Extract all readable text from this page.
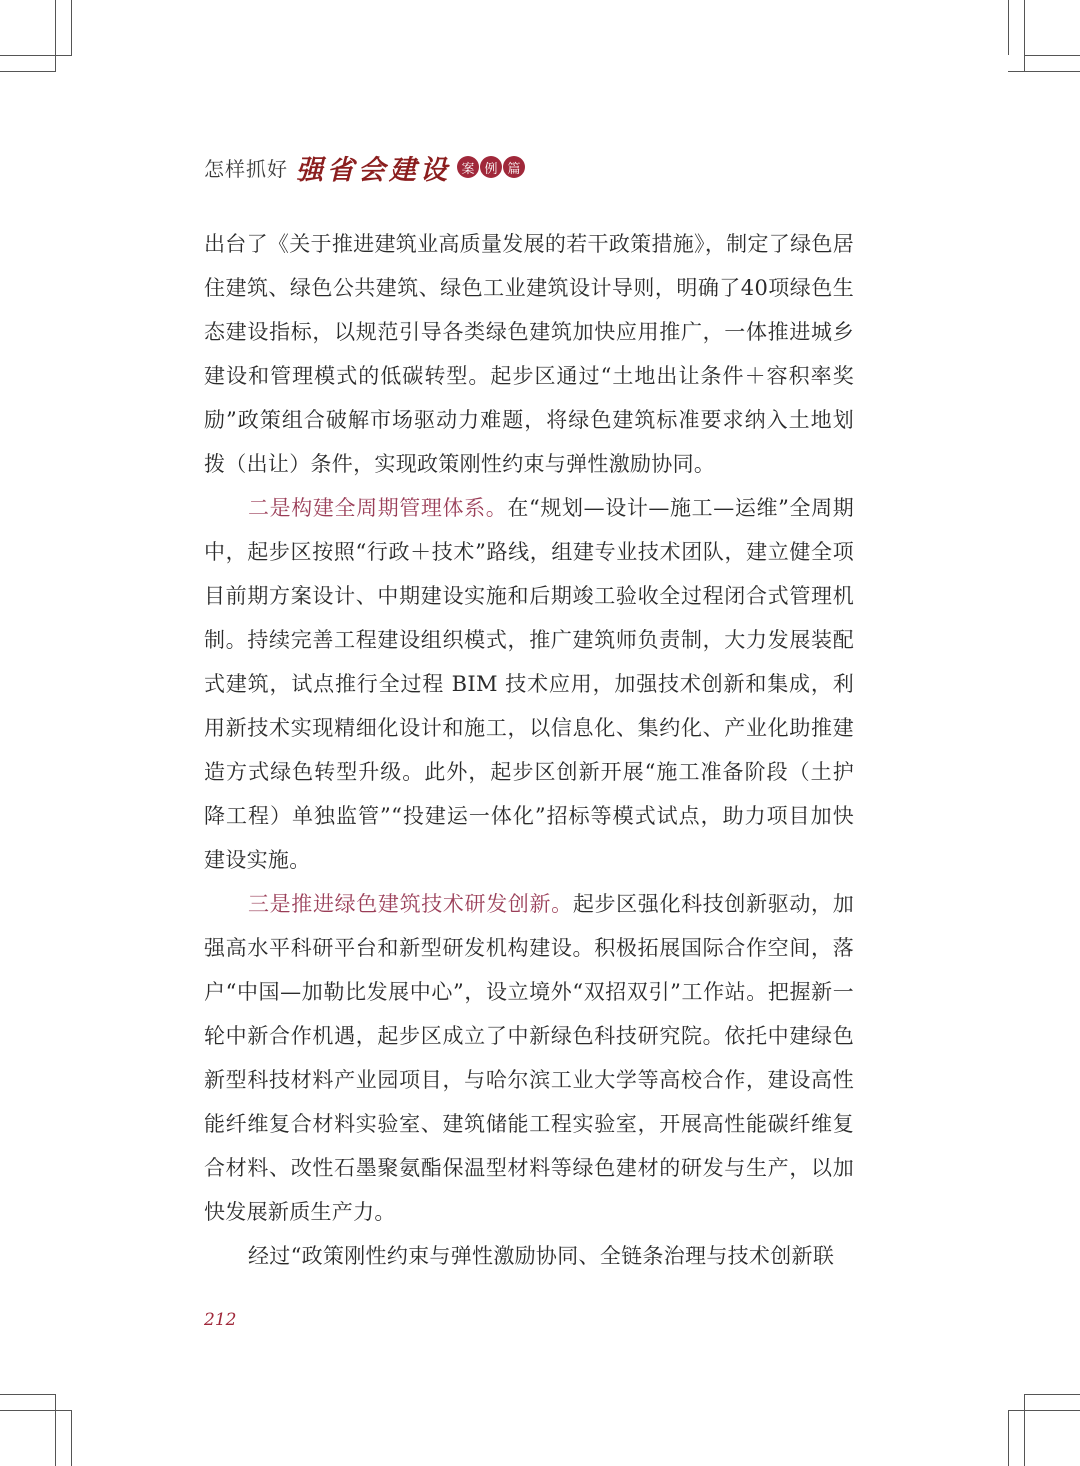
怎样抓好 强省会建设 案 例 篇

出台了《关于推进建筑业高质量发展的若干政策措施》，制定了绿色居住建筑、绿色公共建筑、绿色工业建筑设计导则，明确了40项绿色生态建设指标，以规范引导各类绿色建筑加快应用推广，一体推进城乡建设和管理模式的低碳转型。起步区通过“土地出让条件＋容积率奖励”政策组合破解市场驱动力难题，将绿色建筑标准要求纳入土地划拨（出让）条件，实现政策刚性约束与弹性激励协同。

二是构建全周期管理体系。在“规划—设计—施工—运维”全周期中，起步区按照“行政＋技术”路线，组建专业技术团队，建立健全项目前期方案设计、中期建设实施和后期竣工验收全过程闭合式管理机制。持续完善工程建设组织模式，推广建筑师负责制，大力发展装配式建筑，试点推行全过程 BIM 技术应用，加强技术创新和集成，利用新技术实现精细化设计和施工，以信息化、集约化、产业化助推建造方式绿色转型升级。此外，起步区创新开展“施工准备阶段（土护降工程）单独监管”“投建运一体化”招标等模式试点，助力项目加快建设实施。

三是推进绿色建筑技术研发创新。起步区强化科技创新驱动，加强高水平科研平台和新型研发机构建设。积极拓展国际合作空间，落户“中国—加勒比发展中心”，设立境外“双招双引”工作站。把握新一轮中新合作机遇，起步区成立了中新绿色科技研究院。依托中建绿色新型科技材料产业园项目，与哈尔滨工业大学等高校合作，建设高性能纤维复合材料实验室、建筑储能工程实验室，开展高性能碳纤维复合材料、改性石墨聚氨酯保温型材料等绿色建材的研发与生产，以加快发展新质生产力。

经过“政策刚性约束与弹性激励协同、全链条治理与技术创新联

212
